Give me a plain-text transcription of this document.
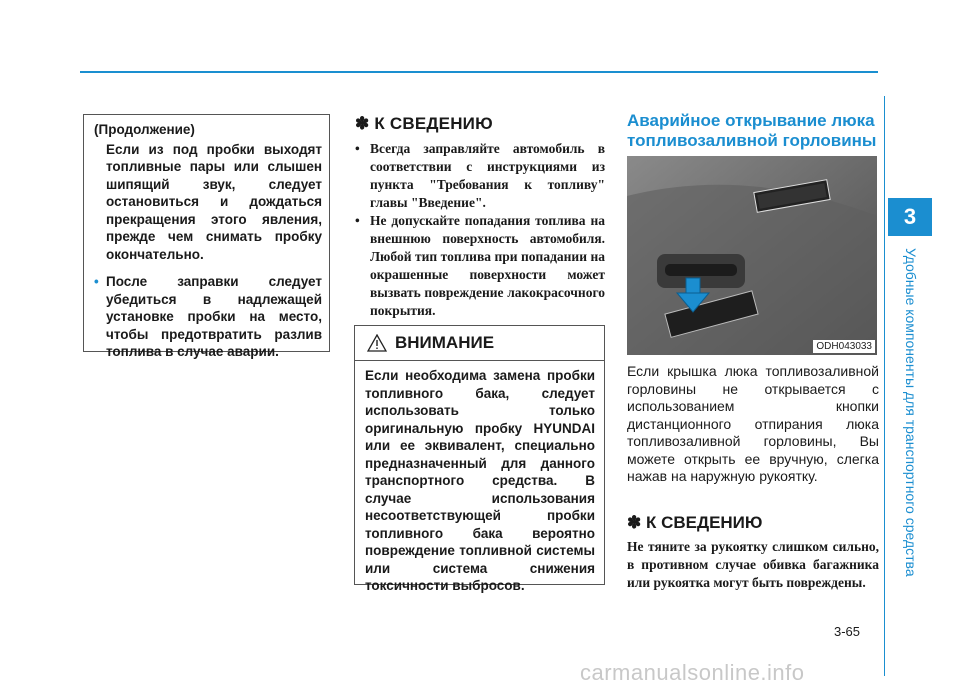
3
Удобные компоненты для транспортного средства
(Продолжение)
Если из под пробки выходят топливные пары или слышен шипящий звук, следует остановиться и дождаться прекращения этого явления, прежде чем снимать пробку окончательно.
• После заправки следует убедиться в надлежащей установке пробки на место, чтобы предотвратить разлив топлива в случае аварии.
✽ К СВЕДЕНИЮ
• Всегда заправляйте автомобиль в соответствии с инструкциями из пункта "Требования к топливу" главы "Введение".
• Не допускайте попадания топлива на внешнюю поверхность автомобиля. Любой тип топлива при попадании на окрашенные поверхности может вызвать повреждение лакокрасочного покрытия.
ВНИМАНИЕ
Если необходима замена пробки топливного бака, следует использовать только оригинальную пробку HYUNDAI или ее эквивалент, специально предназначенный для данного транспортного средства. В случае использования несоответствующей пробки топливного бака вероятно повреждение топливной системы или система снижения токсичности выбросов.
Аварийное открывание люка топливозаливной горловины
ODH043033
Если крышка люка топливозаливной горловины не открывается с использованием кнопки дистанционного отпирания люка топливозаливной горловины, Вы можете открыть ее вручную, слегка нажав на наружную рукоятку.
✽ К СВЕДЕНИЮ
Не тяните за рукоятку слишком сильно, в противном случае обивка багажника или рукоятка могут быть повреждены.
3-65
carmanualsonline.info
